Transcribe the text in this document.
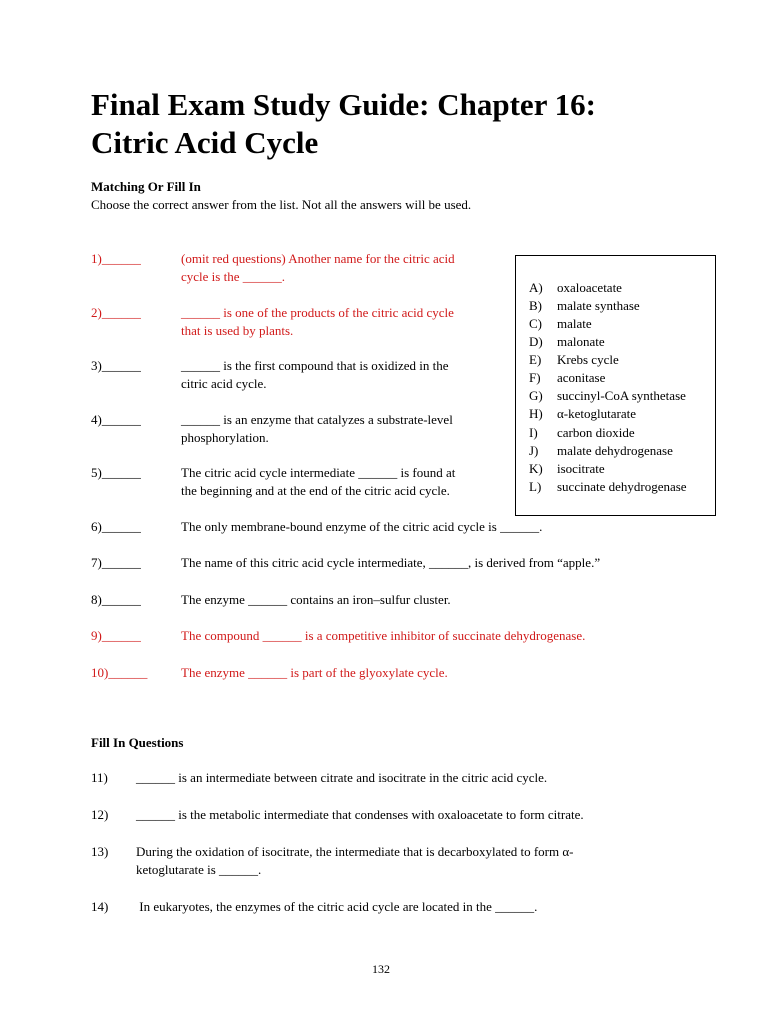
Final Exam Study Guide: Chapter 16:
Citric Acid Cycle
Matching Or Fill In
Choose the correct answer from the list. Not all the answers will be used.
1)______	(omit red questions) Another name for the citric acid
cycle is the ______.
2)______	______ is one of the products of the citric acid cycle
that is used by plants.
3)______	______ is the first compound that is oxidized in the
citric acid cycle.
4)______	______ is an enzyme that catalyzes a substrate-level
phosphorylation.
5)______	The citric acid cycle intermediate ______ is found at
the beginning and at the end of the citric acid cycle.
6)______	The only membrane-bound enzyme of the citric acid cycle is ______.
7)______	The name of this citric acid cycle intermediate, ______, is derived from “apple.”
8)______	The enzyme ______ contains an iron–sulfur cluster.
9)______	The compound ______ is a competitive inhibitor of succinate dehydrogenase.
10)______	The enzyme ______ is part of the glyoxylate cycle.
A) oxaloacetate
B) malate synthase
C) malate
D) malonate
E) Krebs cycle
F) aconitase
G) succinyl-CoA synthetase
H) α-ketoglutarate
I) carbon dioxide
J) malate dehydrogenase
K) isocitrate
L) succinate dehydrogenase
Fill In Questions
11) ______ is an intermediate between citrate and isocitrate in the citric acid cycle.
12) ______ is the metabolic intermediate that condenses with oxaloacetate to form citrate.
13) During the oxidation of isocitrate, the intermediate that is decarboxylated to form α-
ketoglutarate is ______.
14) In eukaryotes, the enzymes of the citric acid cycle are located in the ______.
132
